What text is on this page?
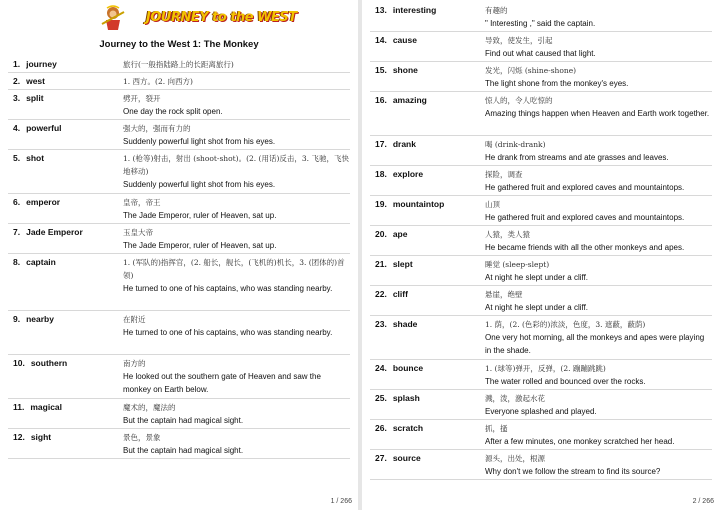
JOURNEY to the WEST
Journey to the West 1: The Monkey
1. journey	旅行(一般指陆路上的长距离旅行)
2. west	1. 西方。(2. 向西方)
3. split	劈开，裂开
One day the rock split open.
4. powerful	强大的，强而有力的
Suddenly powerful light shot from his eyes.
5. shot	1. (枪等)射击，射出 (shoot-shot)。(2. (用话)反击，3. 飞驰，飞快地移动)
Suddenly powerful light shot from his eyes.
6. emperor	皇帝，帝王
The Jade Emperor, ruler of Heaven, sat up.
7. Jade Emperor	玉皇大帝
The Jade Emperor, ruler of Heaven, sat up.
8. captain	1. (军队的)指挥官，(2. 船长，舰长，(飞机的)机长，3. (团体的)首领)
He turned to one of his captains, who was standing nearby.
9. nearby	在附近
He turned to one of his captains, who was standing nearby.
10. southern	南方的
He looked out the southern gate of Heaven and saw the monkey on Earth below.
11. magical	魔术的，魔法的
But the captain had magical sight.
12. sight	景色，景象
But the captain had magical sight.
1 / 266
13. interesting	有趣的
" Interesting ," said the captain.
14. cause	导致，使发生，引起
Find out what caused that light.
15. shone	发光，闪烁 (shine-shone)
The light shone from the monkey's eyes.
16. amazing	惊人的，令人吃惊的
Amazing things happen when Heaven and Earth work together.
17. drank	喝 (drink-drank)
He drank from streams and ate grasses and leaves.
18. explore	探险，调查
He gathered fruit and explored caves and mountaintops.
19. mountaintop	山顶
He gathered fruit and explored caves and mountaintops.
20. ape	人猿，类人猿
He became friends with all the other monkeys and apes.
21. slept	睡觉 (sleep-slept)
At night he slept under a cliff.
22. cliff	悬崖，绝壁
At night he slept under a cliff.
23. shade	1. 荫，(2. (色彩的)浓淡，色度，3. 遮蔽，蔽荫)
One very hot morning, all the monkeys and apes were playing in the shade.
24. bounce	1. (球等)弹开，反弹，(2. 蹦蹦跳跳)
The water rolled and bounced over the rocks.
25. splash	溅，泼，激起水花
Everyone splashed and played.
26. scratch	抓，搔
After a few minutes, one monkey scratched her head.
27. source	源头，出处，根源
Why don't we follow the stream to find its source?
2 / 266
